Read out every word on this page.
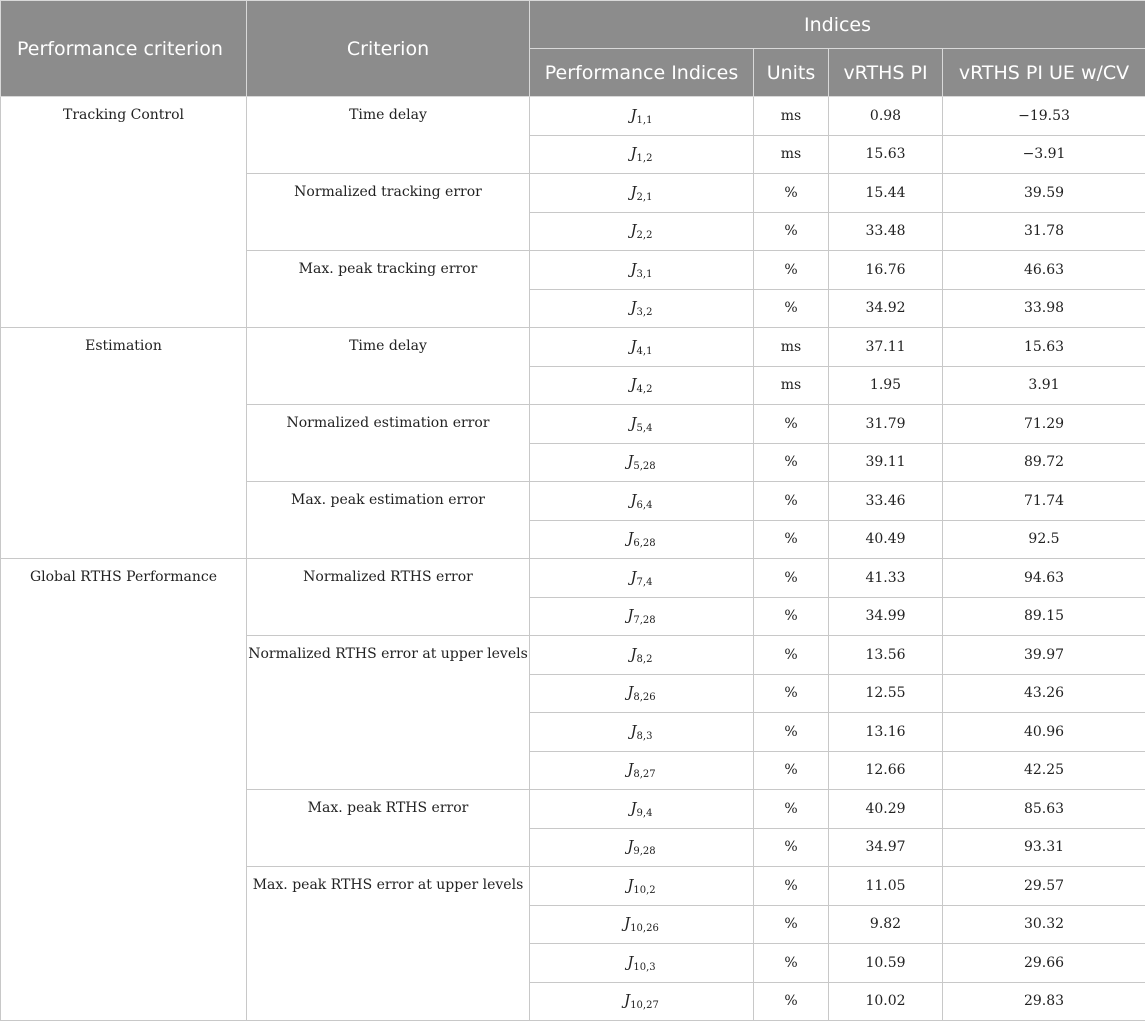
Performance criterion	Criterion	Indices			
		Performance Indices	Units	vRTHS PI	vRTHS PI UE w/CV
Tracking Control	Time delay	$J_{1,1}$	ms	0.98	−19.53
		$J_{1,2}$	ms	15.63	−3.91
	Normalized tracking error	$J_{2,1}$	%	15.44	39.59
		$J_{2,2}$	%	33.48	31.78
	Max. peak tracking error	$J_{3,1}$	%	16.76	46.63
		$J_{3,2}$	%	34.92	33.98
Estimation	Time delay	$J_{4,1}$	ms	37.11	15.63
		$J_{4,2}$	ms	1.95	3.91
	Normalized estimation error	$J_{5,4}$	%	31.79	71.29
		$J_{5,28}$	%	39.11	89.72
	Max. peak estimation error	$J_{6,4}$	%	33.46	71.74
		$J_{6,28}$	%	40.49	92.5
Global RTHS Performance	Normalized RTHS error	$J_{7,4}$	%	41.33	94.63
		$J_{7,28}$	%	34.99	89.15
	Normalized RTHS error at upper levels	$J_{8,2}$	%	13.56	39.97
		$J_{8,26}$	%	12.55	43.26
		$J_{8,3}$	%	13.16	40.96
		$J_{8,27}$	%	12.66	42.25
	Max. peak RTHS error	$J_{9,4}$	%	40.29	85.63
		$J_{9,28}$	%	34.97	93.31
	Max. peak RTHS error at upper levels	$J_{10,2}$	%	11.05	29.57
		$J_{10,26}$	%	9.82	30.32
		$J_{10,3}$	%	10.59	29.66
		$J_{10,27}$	%	10.02	29.83
